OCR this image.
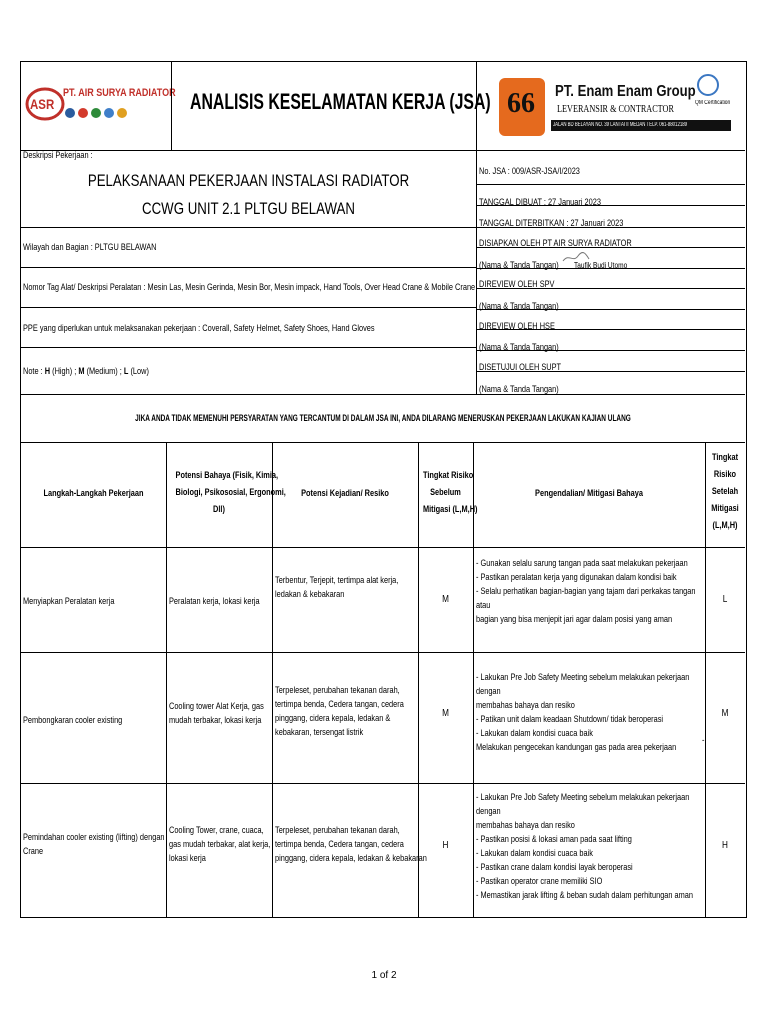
ASR
PT. AIR SURYA RADIATOR ANALISIS KESELAMATAN KERJA (JSA) 66 PT. Enam Enam Group
LEVERANSIR & CONTRACTOR
QM Certification
JALAN BD BELAYAN NO. 39 LANTAI II MEDAN TELP. 061-88012189
Deskripsi Pekerjaan :
PELAKSANAAN PEKERJAAN INSTALASI RADIATOR
CCWG UNIT 2.1 PLTGU BELAWAN
Wilayah dan Bagian : PLTGU BELAWAN
Nomor Tag Alat/ Deskripsi Peralatan : Mesin Las, Mesin Gerinda, Mesin Bor, Mesin impack, Hand Tools, Over Head Crane & Mobile Crane
PPE yang diperlukan untuk melaksanakan pekerjaan : Coverall, Safety Helmet, Safety Shoes, Hand Gloves
Note : H (High) ; M (Medium) ; L (Low)
No. JSA : 009/ASR-JSA/I/2023
TANGGAL DIBUAT : 27 Januari 2023
TANGGAL DITERBITKAN : 27 Januari 2023
DISIAPKAN OLEH PT AIR SURYA RADIATOR
(Nama & Tanda Tangan) Taufik Budi Utomo
DIREVIEW OLEH SPV
(Nama & Tanda Tangan)
DIREVIEW OLEH HSE
(Nama & Tanda Tangan)
DISETUJUI OLEH SUPT
(Nama & Tanda Tangan)
JIKA ANDA TIDAK MEMENUHI PERSYARATAN YANG TERCANTUM DI DALAM JSA INI, ANDA DILARANG MENERUSKAN PEKERJAAN LAKUKAN KAJIAN ULANG
Langkah-Langkah Pekerjaan
Potensi Bahaya (Fisik, Kimia,
Biologi, Psikososial, Ergonomi,
Dll)
Potensi Kejadian/ Resiko
Tingkat Risiko
Sebelum
Mitigasi (L,M,H)
Pengendalian/ Mitigasi Bahaya
Tingkat
Risiko
Setelah
Mitigasi
(L,M,H)
Menyiapkan Peralatan kerja	Peralatan kerja, lokasi kerja

Terbentur, Terjepit, tertimpa alat kerja,

ledakan & kebakaran	M

- Gunakan selalu sarung tangan pada saat melakukan pekerjaan

- Pastikan peralatan kerja yang digunakan dalam kondisi baik

- Selalu perhatikan bagian-bagian yang tajam dari perkakas tangan atau

bagian yang bisa menjepit jari agar dalam posisi yang aman

L
Pembongkaran cooler existing

Cooling tower Alat Kerja, gas

mudah terbakar, lokasi kerja

Terpeleset, perubahan tekanan darah,

tertimpa benda, Cedera tangan, cedera

pinggang, cidera kepala, ledakan &

kebakaran, tersengat listrik

M

- Lakukan Pre Job Safety Meeting sebelum melakukan pekerjaan dengan

membahas bahaya dan resiko

- Patikan unit dalam keadaan Shutdown/ tidak beroperasi

- Lakukan dalam kondisi cuaca baik

Melakukan pengecekan kandungan gas pada area pekerjaan

-
M

Pemindahan cooler existing (lifting) dengan

Crane

Cooling Tower, crane, cuaca,

gas mudah terbakar, alat kerja,

lokasi kerja

Terpeleset, perubahan tekanan darah,

tertimpa benda, Cedera tangan, cedera

pinggang, cidera kepala, ledakan & kebakaran

H

- Lakukan Pre Job Safety Meeting sebelum melakukan pekerjaan dengan

membahas bahaya dan resiko

- Pastikan posisi & lokasi aman pada saat lifting

- Lakukan dalam kondisi cuaca baik

- Pastikan crane dalam kondisi layak beroperasi

- Pastikan operator crane memiliki SIO

- Memastikan jarak lifting & beban sudah dalam perhitungan aman

H
1 of 2
